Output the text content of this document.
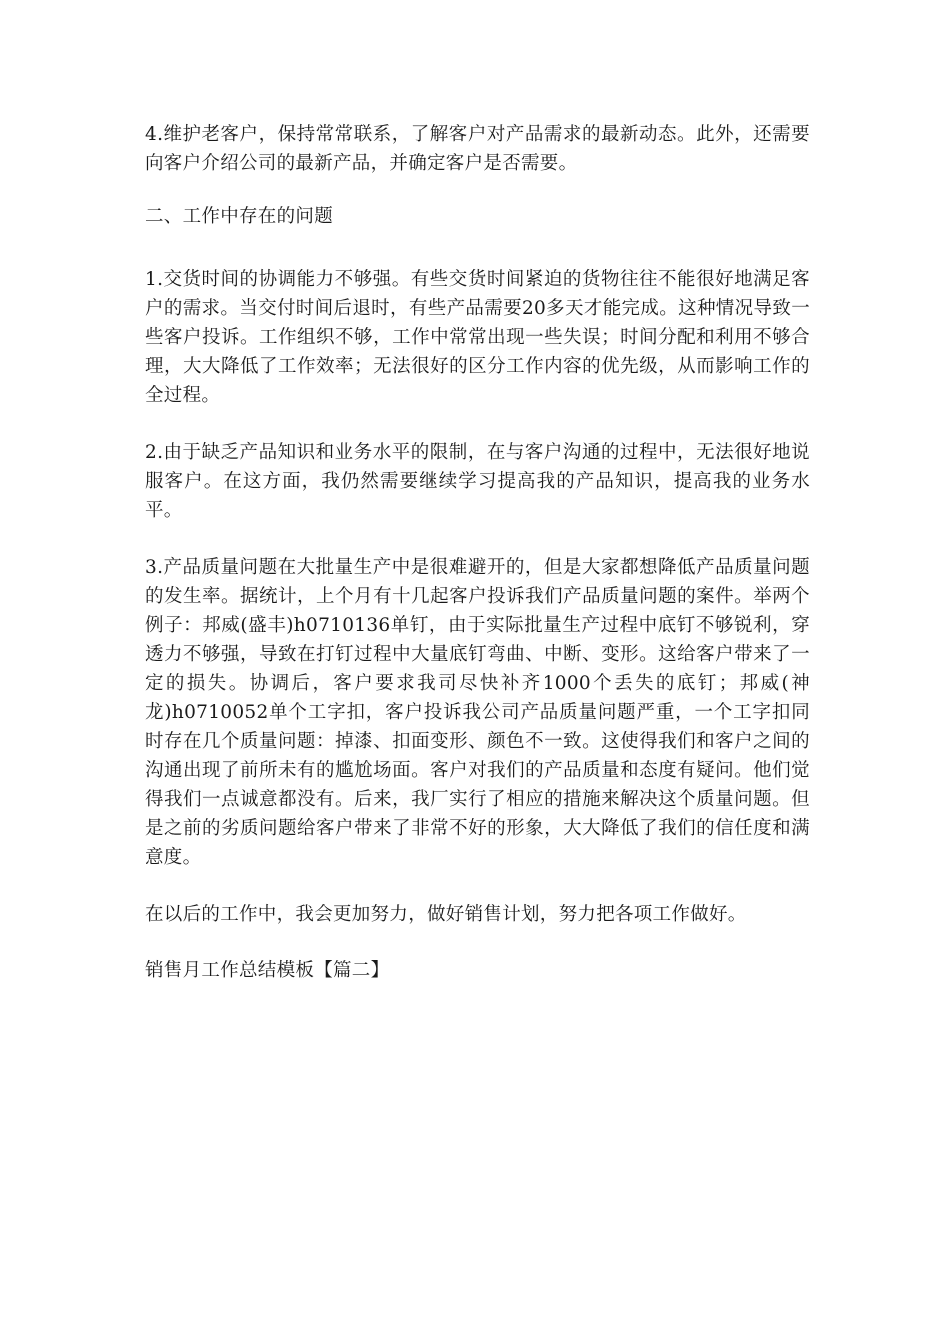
4.维护老客户，保持常常联系，了解客户对产品需求的最新动态。此外，还需要向客户介绍公司的最新产品，并确定客户是否需要。

二、工作中存在的问题

1.交货时间的协调能力不够强。有些交货时间紧迫的货物往往不能很好地满足客户的需求。当交付时间后退时，有些产品需要20多天才能完成。这种情况导致一些客户投诉。工作组织不够，工作中常常出现一些失误；时间分配和利用不够合理，大大降低了工作效率；无法很好的区分工作内容的优先级，从而影响工作的全过程。

2.由于缺乏产品知识和业务水平的限制，在与客户沟通的过程中，无法很好地说服客户。在这方面，我仍然需要继续学习提高我的产品知识，提高我的业务水平。

3.产品质量问题在大批量生产中是很难避开的，但是大家都想降低产品质量问题的发生率。据统计，上个月有十几起客户投诉我们产品质量问题的案件。举两个例子：邦威(盛丰)h0710136单钉，由于实际批量生产过程中底钉不够锐利，穿透力不够强，导致在打钉过程中大量底钉弯曲、中断、变形。这给客户带来了一定的损失。协调后，客户要求我司尽快补齐1000个丢失的底钉；邦威(神龙)h0710052单个工字扣，客户投诉我公司产品质量问题严重，一个工字扣同时存在几个质量问题：掉漆、扣面变形、颜色不一致。这使得我们和客户之间的沟通出现了前所未有的尴尬场面。客户对我们的产品质量和态度有疑问。他们觉得我们一点诚意都没有。后来，我厂实行了相应的措施来解决这个质量问题。但是之前的劣质问题给客户带来了非常不好的形象，大大降低了我们的信任度和满意度。

在以后的工作中，我会更加努力，做好销售计划，努力把各项工作做好。

销售月工作总结模板【篇二】
